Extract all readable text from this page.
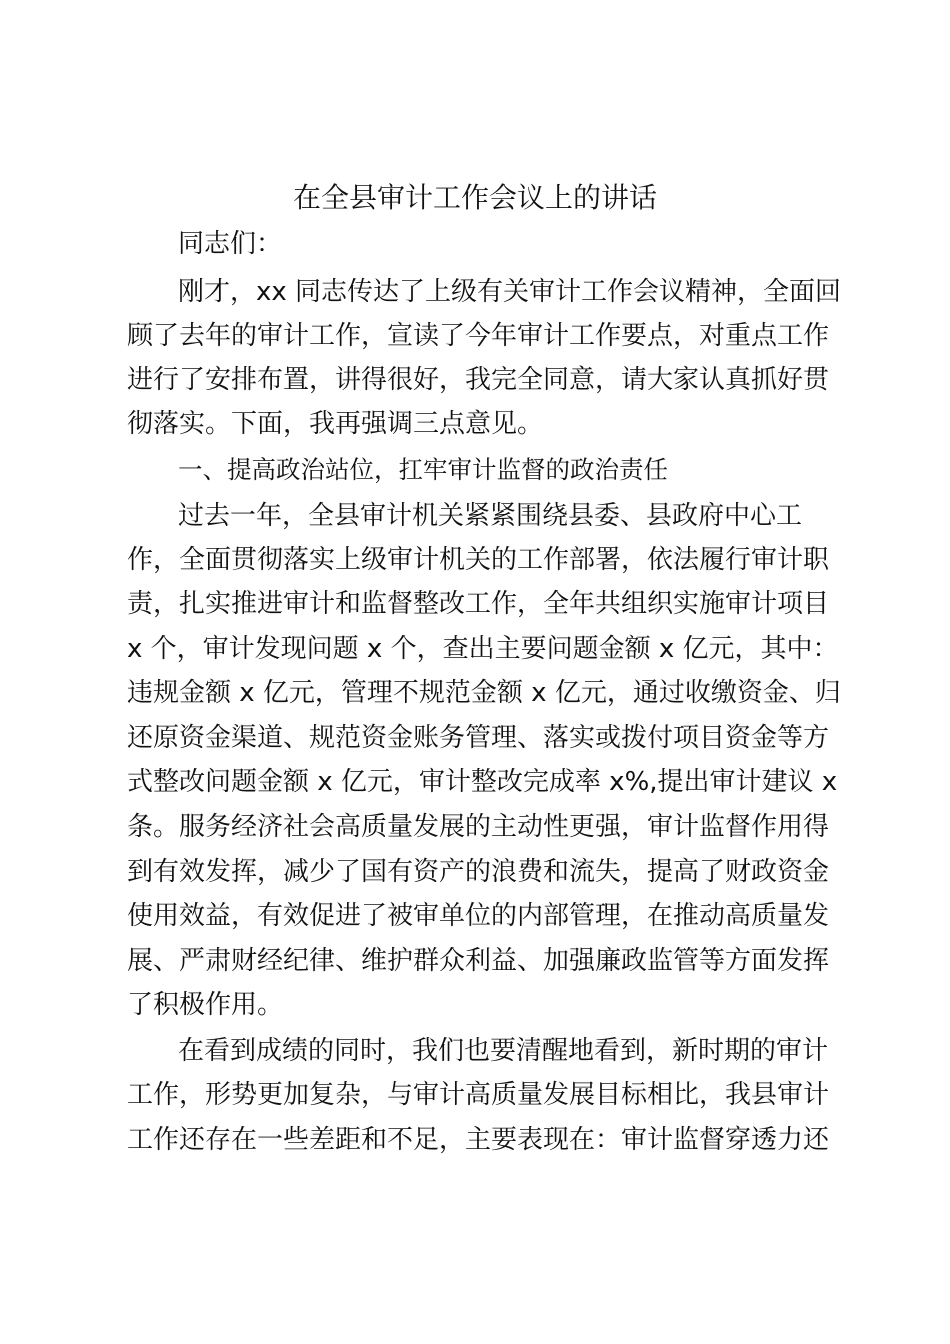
在全县审计工作会议上的讲话

同志们：

刚才，xx 同志传达了上级有关审计工作会议精神，全面回

顾了去年的审计工作，宣读了今年审计工作要点，对重点工作

进行了安排布置，讲得很好，我完全同意，请大家认真抓好贯

彻落实。下面，我再强调三点意见。

一、提高政治站位，扛牢审计监督的政治责任

过去一年，全县审计机关紧紧围绕县委、县政府中心工

作，全面贯彻落实上级审计机关的工作部署，依法履行审计职

责，扎实推进审计和监督整改工作，全年共组织实施审计项目

x 个，审计发现问题 x 个，查出主要问题金额 x 亿元，其中：

违规金额 x 亿元，管理不规范金额 x 亿元，通过收缴资金、归

还原资金渠道、规范资金账务管理、落实或拨付项目资金等方

式整改问题金额 x 亿元，审计整改完成率 x%,提出审计建议 x

条。服务经济社会高质量发展的主动性更强，审计监督作用得

到有效发挥，减少了国有资产的浪费和流失，提高了财政资金

使用效益，有效促进了被审单位的内部管理，在推动高质量发

展、严肃财经纪律、维护群众利益、加强廉政监管等方面发挥

了积极作用。

在看到成绩的同时，我们也要清醒地看到，新时期的审计

工作，形势更加复杂，与审计高质量发展目标相比，我县审计

工作还存在一些差距和不足，主要表现在：审计监督穿透力还
